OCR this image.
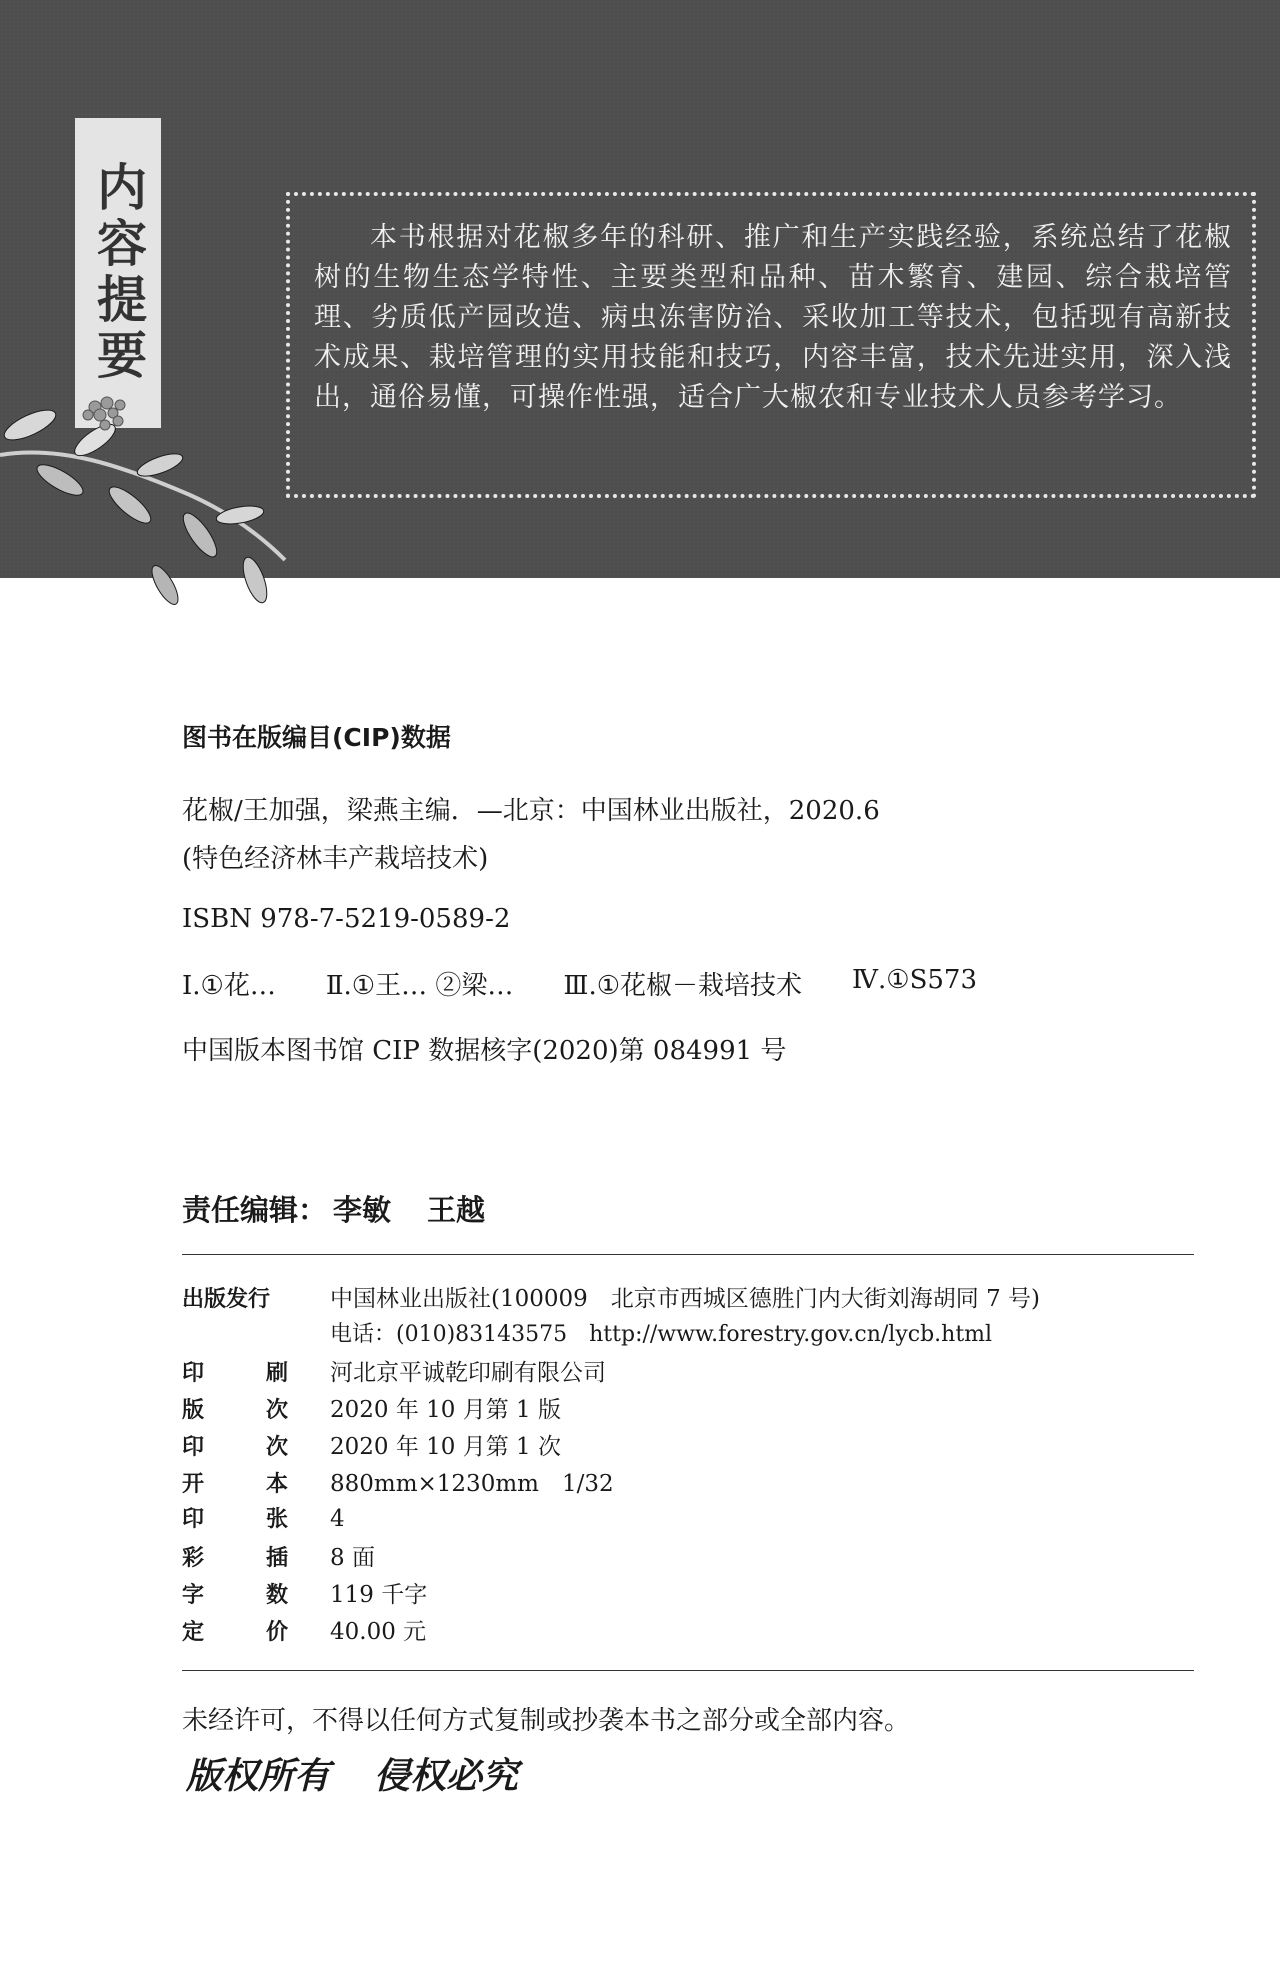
内容提要	本书根据对花椒多年的科研、推广和生产实践经验，系统总结了花椒树的生物生态学特性、主要类型和品种、苗木繁育、建园、综合栽培管理、劣质低产园改造、病虫冻害防治、采收加工等技术，包括现有高新技术成果、栽培管理的实用技能和技巧，内容丰富，技术先进实用，深入浅出，通俗易懂，可操作性强，适合广大椒农和专业技术人员参考学习。

图书在版编目(CIP)数据
花椒/王加强，梁燕主编．—北京：中国林业出版社，2020.6
(特色经济林丰产栽培技术)
ISBN 978-7-5219-0589-2
Ⅰ.①花… Ⅱ.①王… ②梁… Ⅲ.①花椒－栽培技术 Ⅳ.①S573
中国版本图书馆 CIP 数据核字(2020)第 084991 号
责任编辑： 李敏 王越
出版发行	中国林业出版社(100009　北京市西城区德胜门内大街刘海胡同 7 号)
电话：(010)83143575　http://www.forestry.gov.cn/lycb.html
印	刷 河北京平诚乾印刷有限公司
版	次 2020 年 10 月第 1 版
印	次 2020 年 10 月第 1 次
开	本 880mm×1230mm　1/32
印	张 4
彩	插 8 面
字	数 119 千字
定	价 40.00 元
未经许可，不得以任何方式复制或抄袭本书之部分或全部内容。
版权所有 侵权必究
